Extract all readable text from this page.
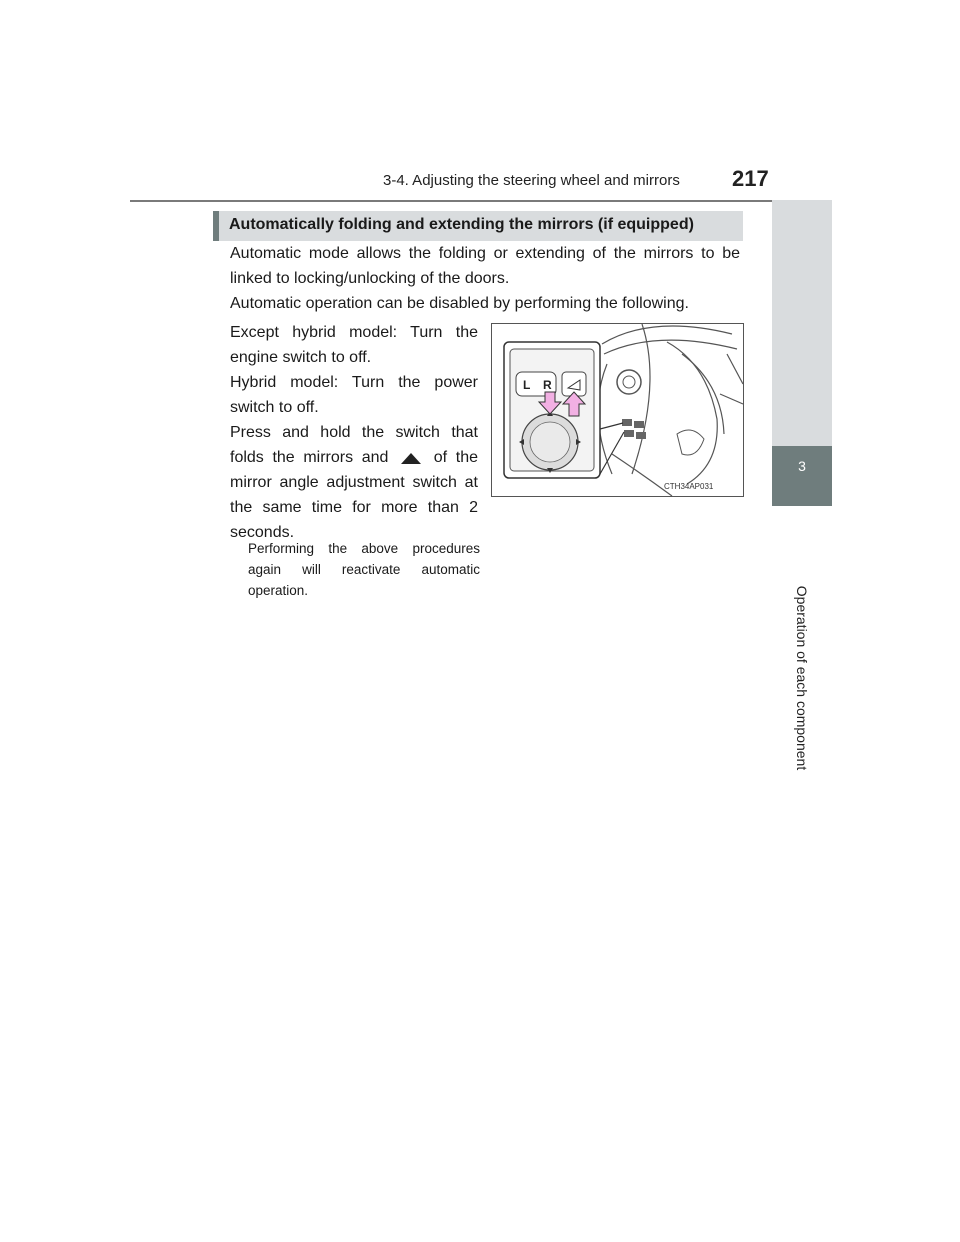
3-4. Adjusting the steering wheel and mirrors 217
3
Operation of each component
Automatically folding and extending the mirrors (if equipped)
Automatic mode allows the folding or extending of the mirrors to be linked to locking/unlocking of the doors.
Automatic operation can be disabled by performing the following.
Except hybrid model: Turn the engine switch to off.
Hybrid model: Turn the power switch to off.
Press and hold the switch that folds the mirrors and	of the mirror angle adjustment switch at the same time for more than 2 seconds.
Performing the above procedures again will reactivate automatic operation.
L R
CTH34AP031
